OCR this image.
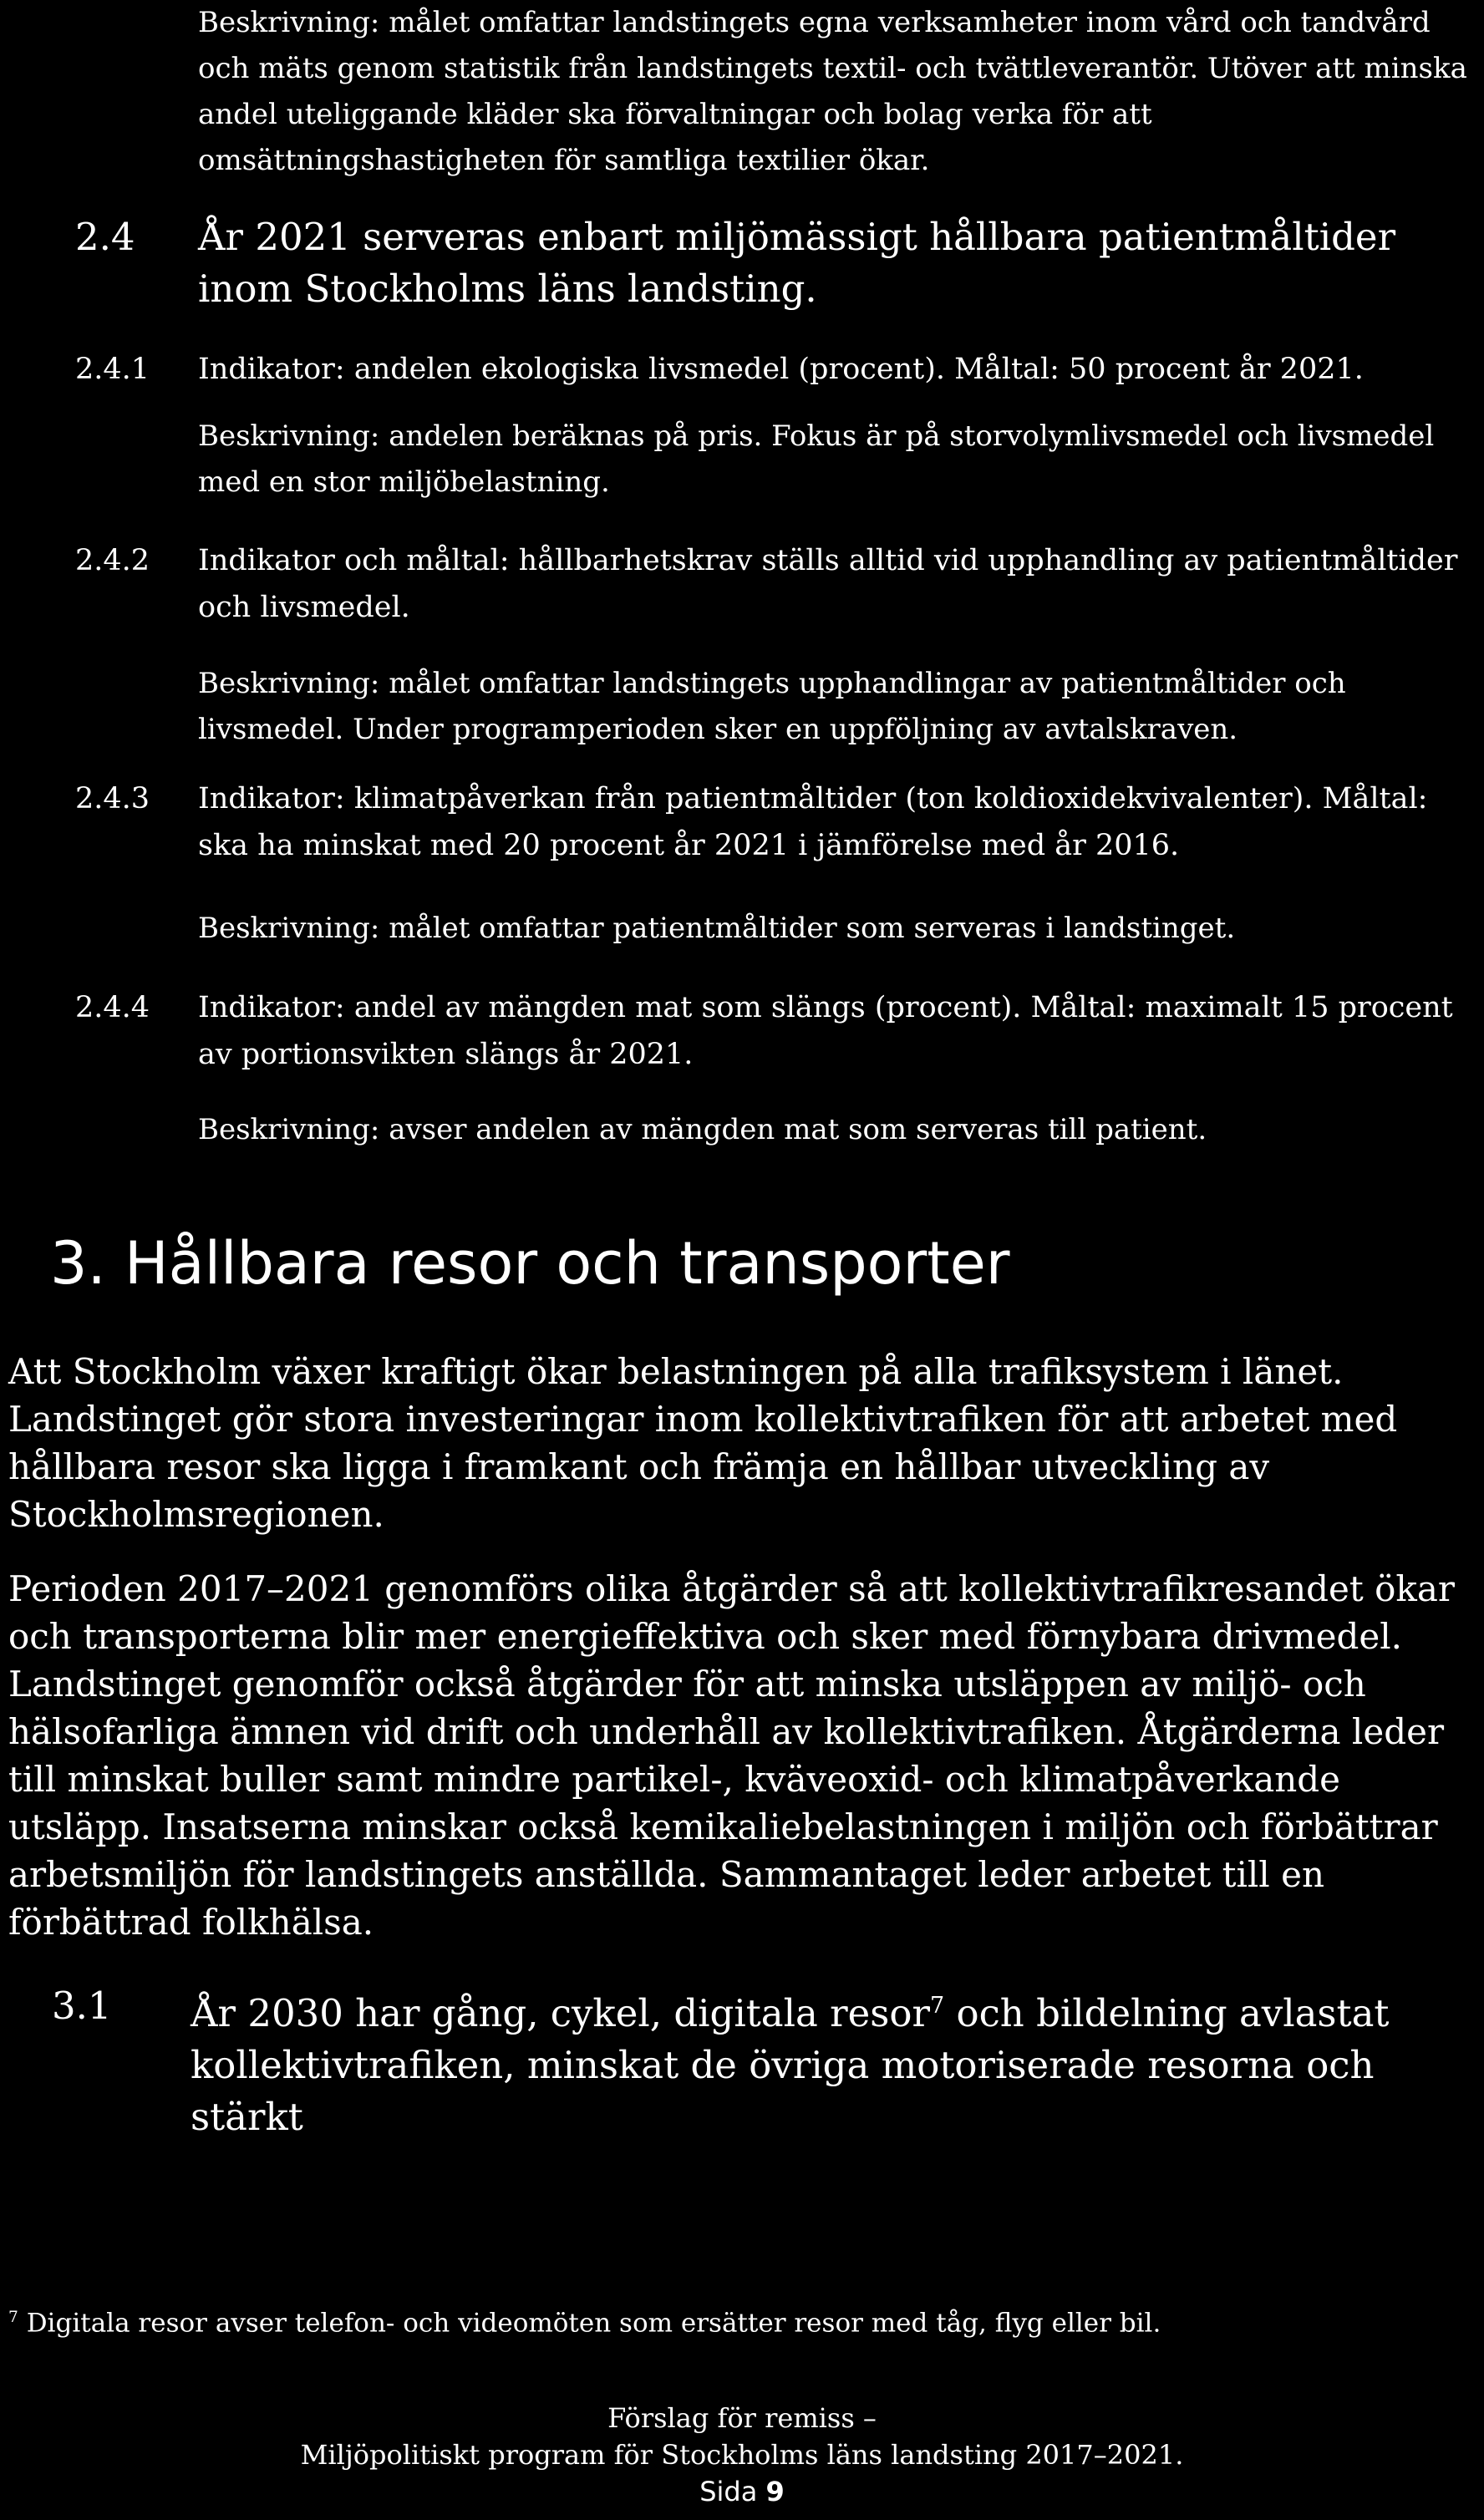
Beskrivning: målet omfattar landstingets egna verksamheter inom vård och tandvård och mäts genom statistik från landstingets textil- och tvättleverantör. Utöver att minska andel uteliggande kläder ska förvaltningar och bolag verka för att omsättningshastigheten för samtliga textilier ökar.
2.4 År 2021 serveras enbart miljömässigt hållbara patientmåltider inom Stockholms läns landsting.
2.4.1 Indikator: andelen ekologiska livsmedel (procent). Måltal: 50 procent år 2021.
Beskrivning: andelen beräknas på pris. Fokus är på storvolymlivsmedel och livsmedel med en stor miljöbelastning.
2.4.2 Indikator och måltal: hållbarhetskrav ställs alltid vid upphandling av patientmåltider och livsmedel.
Beskrivning: målet omfattar landstingets upphandlingar av patientmåltider och livsmedel. Under programperioden sker en uppföljning av avtalskraven.
2.4.3 Indikator: klimatpåverkan från patientmåltider (ton koldioxidekvivalenter). Måltal: ska ha minskat med 20 procent år 2021 i jämförelse med år 2016.
Beskrivning: målet omfattar patientmåltider som serveras i landstinget.
2.4.4 Indikator: andel av mängden mat som slängs (procent). Måltal: maximalt 15 procent av portionsvikten slängs år 2021.
Beskrivning: avser andelen av mängden mat som serveras till patient.
3. Hållbara resor och transporter
Att Stockholm växer kraftigt ökar belastningen på alla trafiksystem i länet. Landstinget gör stora investeringar inom kollektivtrafiken för att arbetet med hållbara resor ska ligga i framkant och främja en hållbar utveckling av Stockholmsregionen.
Perioden 2017–2021 genomförs olika åtgärder så att kollektivtrafikresandet ökar och transporterna blir mer energieffektiva och sker med förnybara drivmedel. Landstinget genomför också åtgärder för att minska utsläppen av miljö- och hälsofarliga ämnen vid drift och underhåll av kollektivtrafiken. Åtgärderna leder till minskat buller samt mindre partikel-, kväveoxid- och klimatpåverkande utsläpp. Insatserna minskar också kemikaliebelastningen i miljön och förbättrar arbetsmiljön för landstingets anställda. Sammantaget leder arbetet till en förbättrad folkhälsa.
3.1 År 2030 har gång, cykel, digitala resor$^7$ och bildelning avlastat kollektivtrafiken, minskat de övriga motoriserade resorna och stärkt
$^7$ Digitala resor avser telefon- och videomöten som ersätter resor med tåg, flyg eller bil.
Förslag för remiss –
Miljöpolitiskt program för Stockholms läns landsting 2017–2021.
Sida 9
